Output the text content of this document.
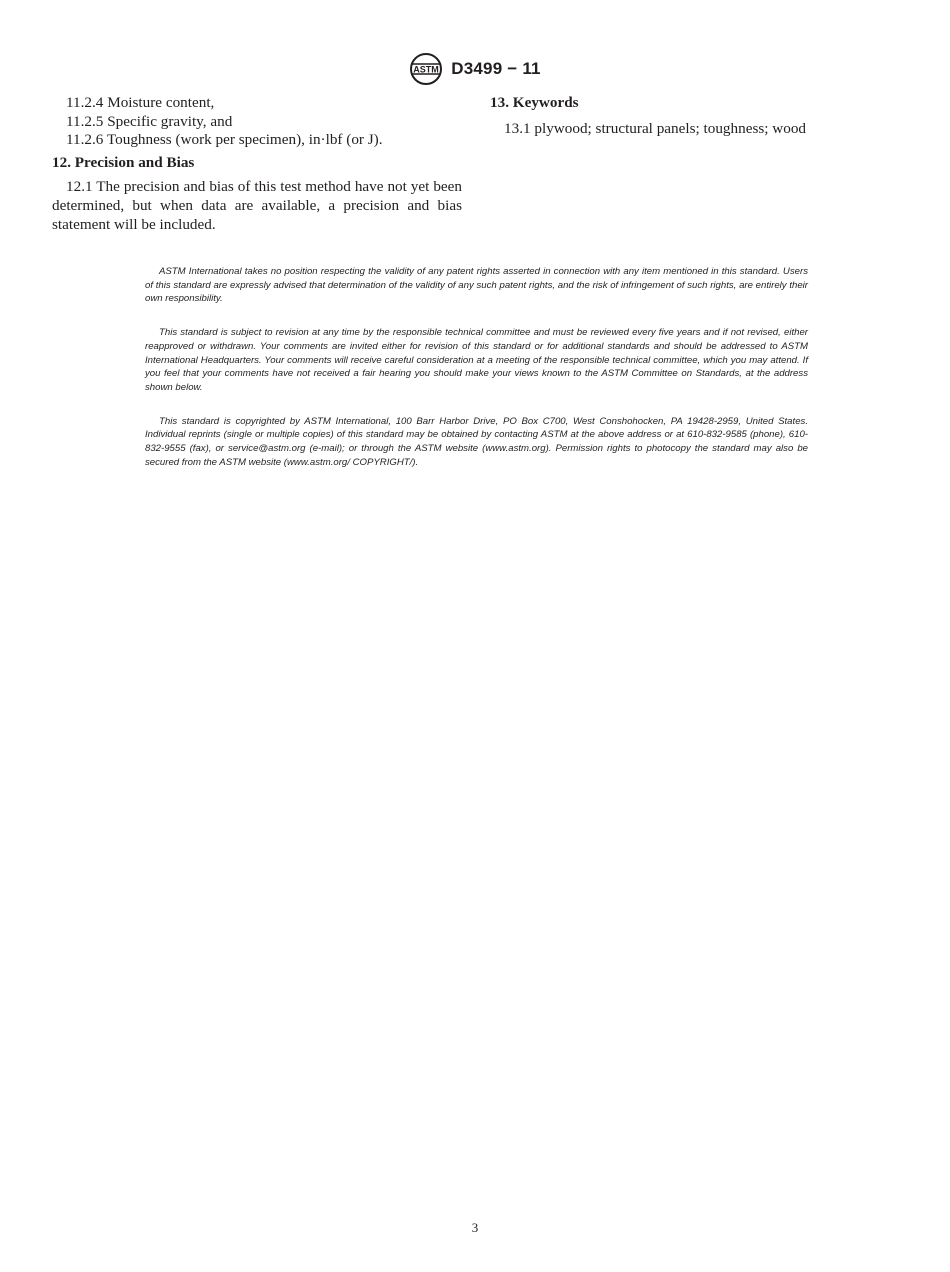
ASTM D3499 − 11

11.2.4 Moisture content,

11.2.5 Specific gravity, and

11.2.6 Toughness (work per specimen), in·lbf (or J).

12. Precision and Bias

12.1 The precision and bias of this test method have not yet been determined, but when data are available, a precision and bias statement will be included.

13. Keywords

13.1 plywood; structural panels; toughness; wood

ASTM International takes no position respecting the validity of any patent rights asserted in connection with any item mentioned in this standard. Users of this standard are expressly advised that determination of the validity of any such patent rights, and the risk of infringement of such rights, are entirely their own responsibility.

This standard is subject to revision at any time by the responsible technical committee and must be reviewed every five years and if not revised, either reapproved or withdrawn. Your comments are invited either for revision of this standard or for additional standards and should be addressed to ASTM International Headquarters. Your comments will receive careful consideration at a meeting of the responsible technical committee, which you may attend. If you feel that your comments have not received a fair hearing you should make your views known to the ASTM Committee on Standards, at the address shown below.

This standard is copyrighted by ASTM International, 100 Barr Harbor Drive, PO Box C700, West Conshohocken, PA 19428-2959, United States. Individual reprints (single or multiple copies) of this standard may be obtained by contacting ASTM at the above address or at 610-832-9585 (phone), 610-832-9555 (fax), or service@astm.org (e-mail); or through the ASTM website (www.astm.org). Permission rights to photocopy the standard may also be secured from the ASTM website (www.astm.org/ COPYRIGHT/).

3
